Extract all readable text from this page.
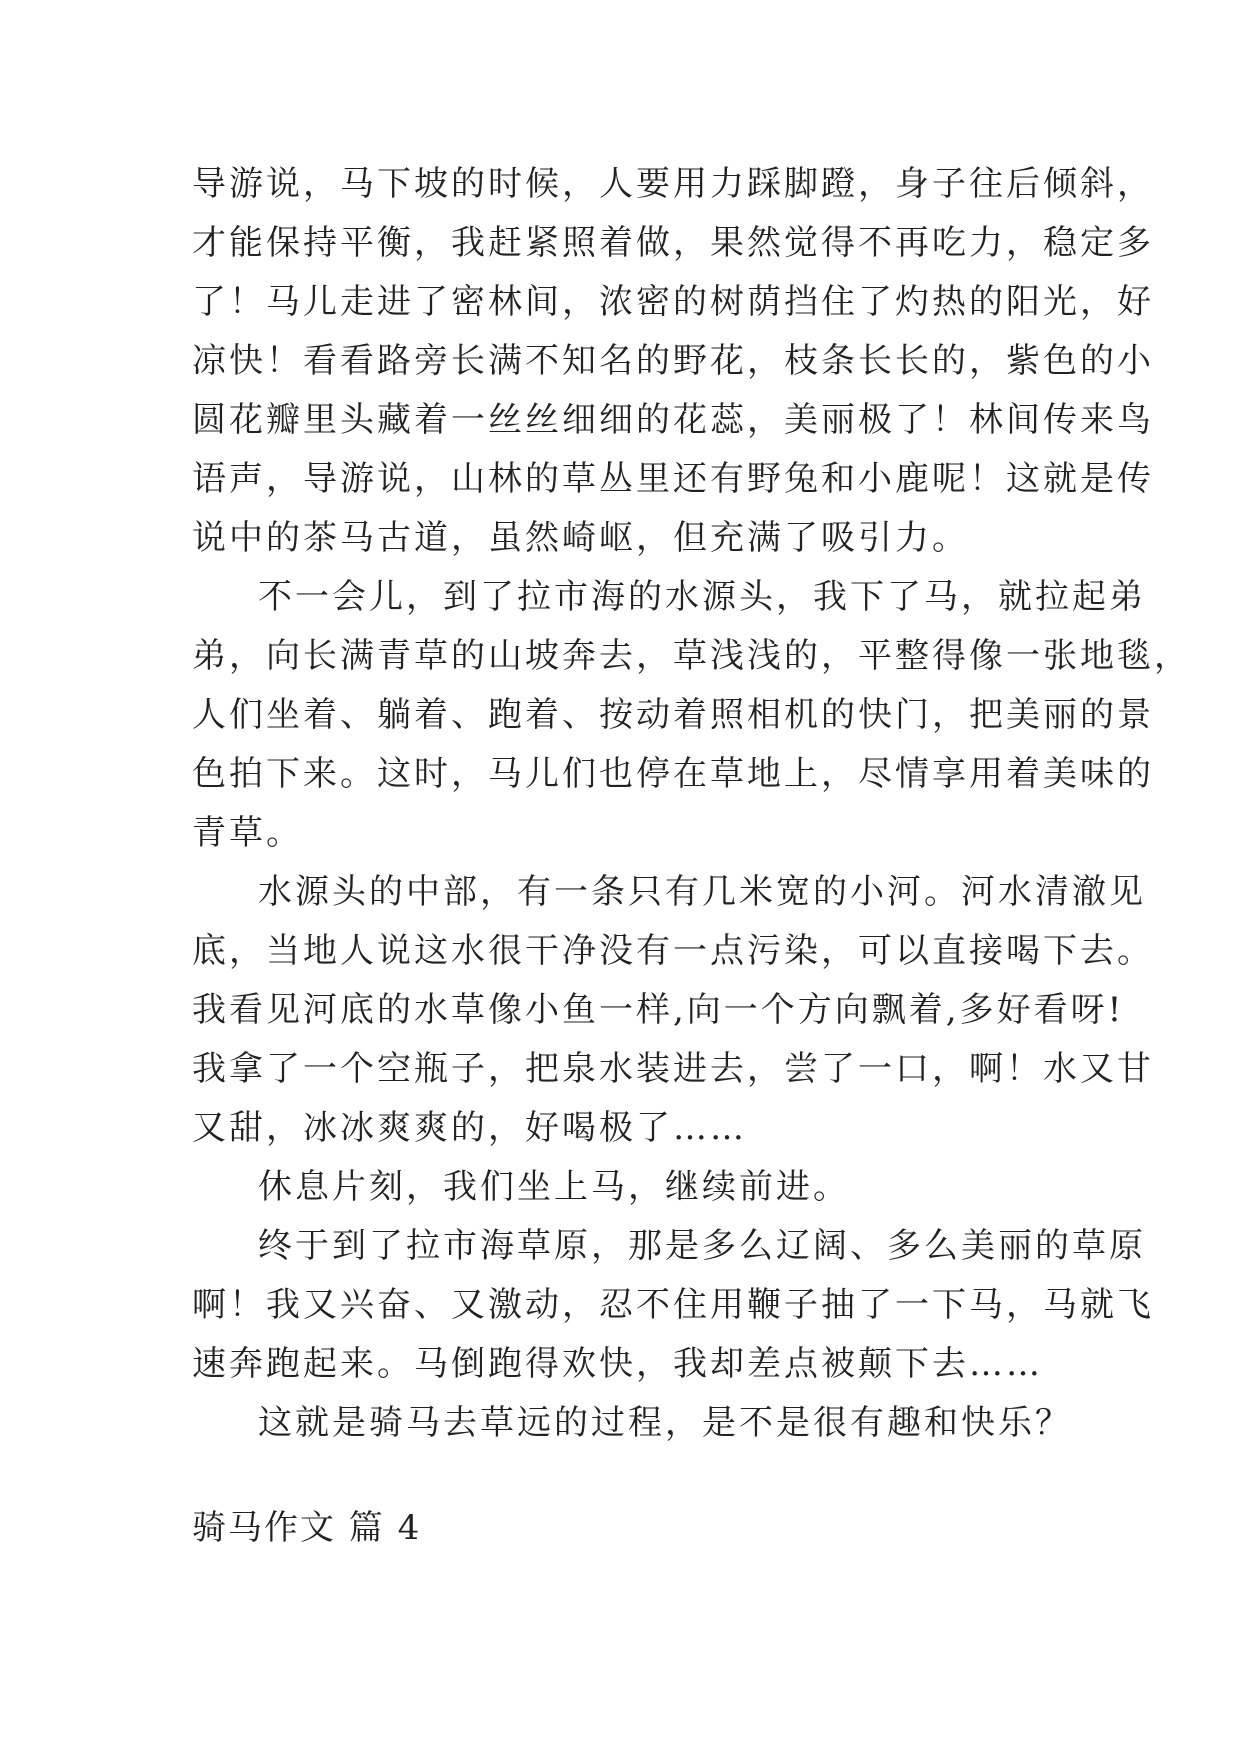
导游说，马下坡的时候，人要用力踩脚蹬，身子往后倾斜，
才能保持平衡，我赶紧照着做，果然觉得不再吃力，稳定多
了！马儿走进了密林间，浓密的树荫挡住了灼热的阳光，好
凉快！看看路旁长满不知名的野花，枝条长长的，紫色的小
圆花瓣里头藏着一丝丝细细的花蕊，美丽极了！林间传来鸟
语声，导游说，山林的草丛里还有野兔和小鹿呢！这就是传
说中的茶马古道，虽然崎岖，但充满了吸引力。
不一会儿，到了拉市海的水源头，我下了马，就拉起弟
弟，向长满青草的山坡奔去，草浅浅的，平整得像一张地毯，
人们坐着、躺着、跑着、按动着照相机的快门，把美丽的景
色拍下来。这时，马儿们也停在草地上，尽情享用着美味的
青草。
水源头的中部，有一条只有几米宽的小河。河水清澈见
底，当地人说这水很干净没有一点污染，可以直接喝下去。
我看见河底的水草像小鱼一样,向一个方向飘着,多好看呀!
我拿了一个空瓶子，把泉水装进去，尝了一口，啊！水又甘
又甜，冰冰爽爽的，好喝极了……
休息片刻，我们坐上马，继续前进。
终于到了拉市海草原，那是多么辽阔、多么美丽的草原
啊！我又兴奋、又激动，忍不住用鞭子抽了一下马，马就飞
速奔跑起来。马倒跑得欢快，我却差点被颠下去……
这就是骑马去草远的过程，是不是很有趣和快乐？
骑马作文 篇 4
